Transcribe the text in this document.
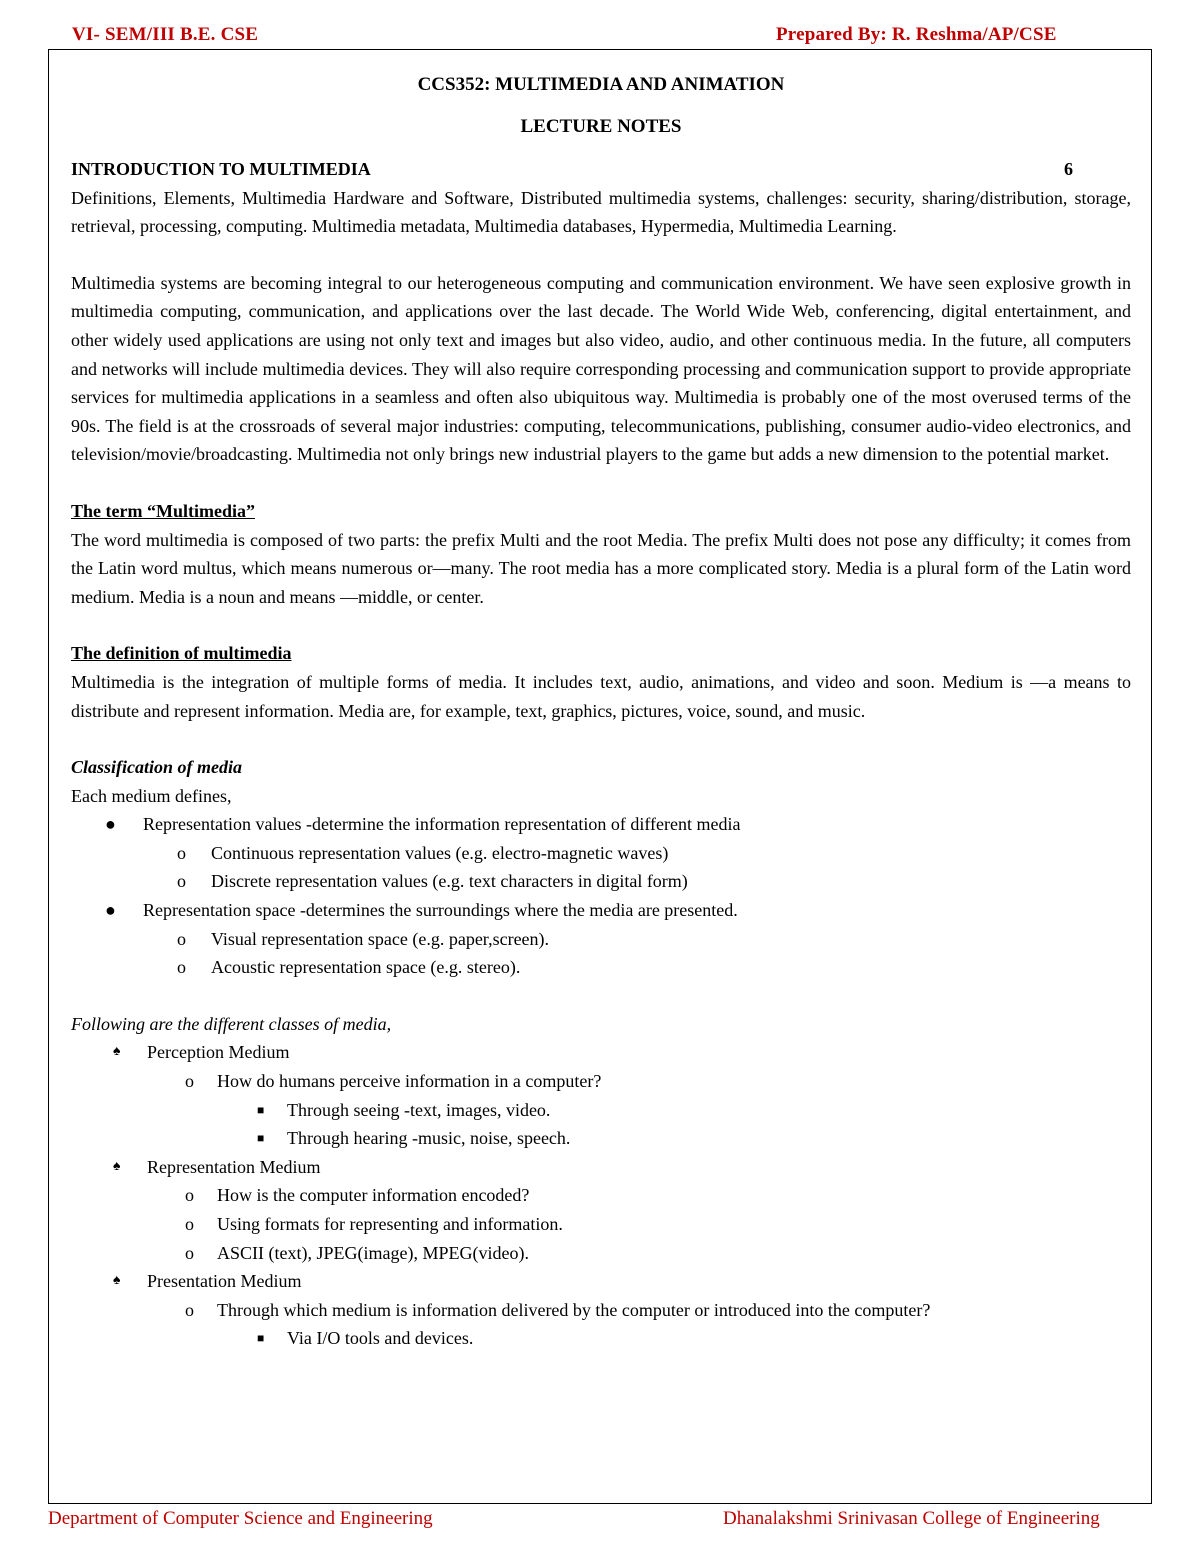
VI- SEM/III B.E. CSE	Prepared By: R. Reshma/AP/CSE
CCS352: MULTIMEDIA AND ANIMATION
LECTURE NOTES
INTRODUCTION TO MULTIMEDIA	6

Definitions, Elements, Multimedia Hardware and Software, Distributed multimedia systems, challenges: security, sharing/distribution, storage, retrieval, processing, computing. Multimedia metadata, Multimedia databases, Hypermedia, Multimedia Learning.

Multimedia systems are becoming integral to our heterogeneous computing and communication environment. We have seen explosive growth in multimedia computing, communication, and applications over the last decade. The World Wide Web, conferencing, digital entertainment, and other widely used applications are using not only text and images but also video, audio, and other continuous media. In the future, all computers and networks will include multimedia devices. They will also require corresponding processing and communication support to provide appropriate services for multimedia applications in a seamless and often also ubiquitous way. Multimedia is probably one of the most overused terms of the 90s. The field is at the crossroads of several major industries: computing, telecommunications, publishing, consumer audio-video electronics, and television/movie/broadcasting. Multimedia not only brings new industrial players to the game but adds a new dimension to the potential market.

The term “Multimedia”

The word multimedia is composed of two parts: the prefix Multi and the root Media. The prefix Multi does not pose any difficulty; it comes from the Latin word multus, which means numerous or—many. The root media has a more complicated story. Media is a plural form of the Latin word medium. Media is a noun and means —middle, or center.

The definition of multimedia

Multimedia is the integration of multiple forms of media. It includes text, audio, animations, and video and soon. Medium is —a means to distribute and represent information. Media are, for example, text, graphics, pictures, voice, sound, and music.

Classification of media
Each medium defines,
● Representation values -determine the information representation of different media
o Continuous representation values (e.g. electro-magnetic waves)
o Discrete representation values (e.g. text characters in digital form)
● Representation space -determines the surroundings where the media are presented.
o Visual representation space (e.g. paper,screen).
o Acoustic representation space (e.g. stereo).
Following are the different classes of media,
♠ Perception Medium
o How do humans perceive information in a computer?
■ Through seeing -text, images, video.
■ Through hearing -music, noise, speech.
♠ Representation Medium
o How is the computer information encoded?
o Using formats for representing and information.
o ASCII (text), JPEG(image), MPEG(video).
♠ Presentation Medium
o Through which medium is information delivered by the computer or introduced into the computer?
■ Via I/O tools and devices.
Department of Computer Science and Engineering	Dhanalakshmi Srinivasan College of Engineering
